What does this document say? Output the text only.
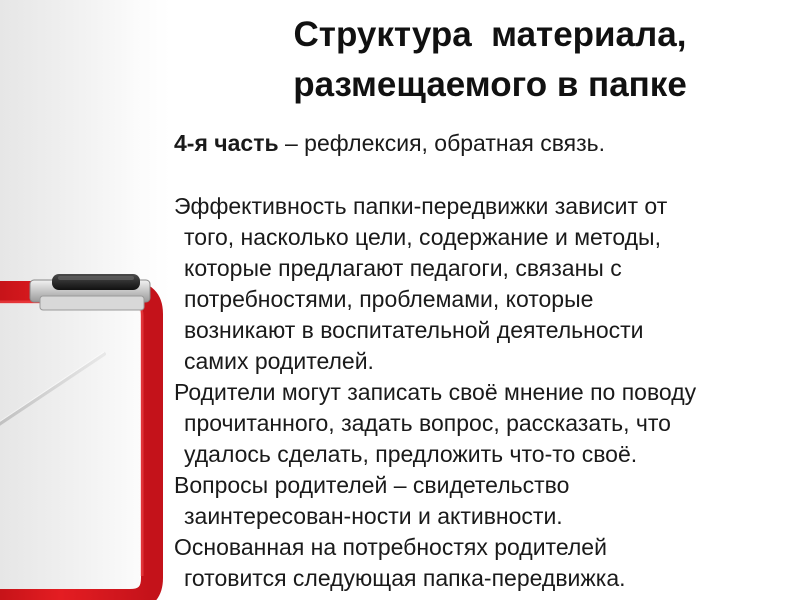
Структура  материала,
размещаемого в папке

4-я часть – рефлексия, обратная связь.

Эффективность папки-передвижки зависит от
того, насколько цели, содержание и методы,
которые предлагают педагоги, связаны с
потребностями, проблемами, которые
возникают в воспитательной деятельности
самих родителей.

Родители могут записать своё мнение по поводу
прочитанного, задать вопрос, рассказать, что
удалось сделать, предложить что-то своё.

Вопросы родителей – свидетельство
заинтересован-ности и активности.

Основанная на потребностях родителей
готовится следующая папка-передвижка.
